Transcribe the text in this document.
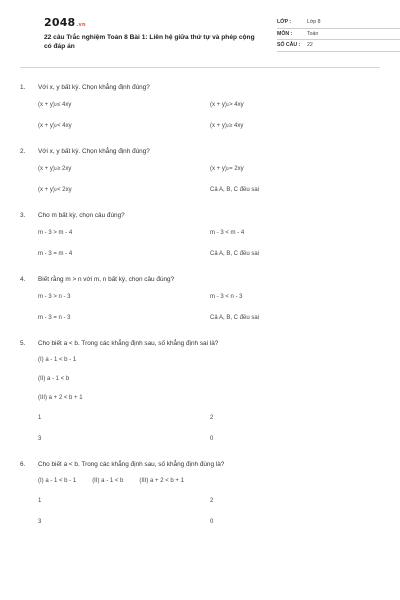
2048.vn
22 câu Trắc nghiệm Toán 8 Bài 1: Liên hệ giữa thứ tự và phép cộng có đáp án
LỚP :	Lớp 8
MÔN :	Toán
SỐ CÂU :	22
1.	Với x, y bất kỳ. Chọn khẳng định đúng?
(x + y) 2 ≤ 4xy	(x + y) 2 > 4xy
(x + y) 2 < 4xy	(x + y) 2 ≥ 4xy
2.	Với x, y bất kỳ. Chọn khẳng định đúng?
(x + y) 2 ≥ 2xy	(x + y) 2 = 2xy
(x + y) 2 < 2xy	Cả A, B, C đều sai
3.	Cho m bất kỳ, chọn câu đúng?
m - 3 > m - 4	m - 3 < m - 4
m - 3 = m - 4	Cả A, B, C đều sai
4.	Biết rằng m > n với m, n bất kỳ, chọn câu đúng?
m - 3 > n - 3	m - 3 < n - 3
m - 3 = n - 3	Cả A, B, C đều sai
5.	Cho biết a < b. Trong các khẳng định sau, số khẳng định sai là?
(I) a - 1 < b - 1
(II) a - 1 < b
(III) a + 2 < b + 1
1	2
3	0
6.	Cho biết a < b. Trong các khẳng định sau, số khẳng định đúng là?
(I) a - 1 < b - 1	(II) a - 1 < b	(III) a + 2 < b + 1
1	2
3	0
